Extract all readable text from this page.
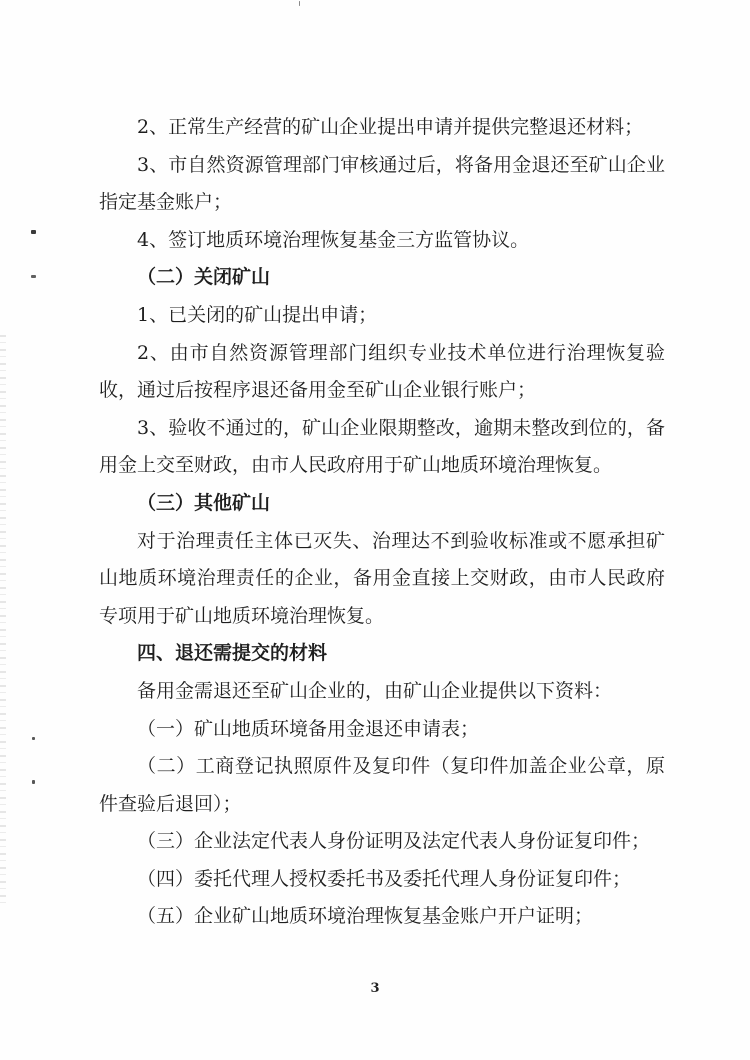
2、正常生产经营的矿山企业提出申请并提供完整退还材料；

3、市自然资源管理部门审核通过后，将备用金退还至矿山企业指定基金账户；

4、签订地质环境治理恢复基金三方监管协议。

（二）关闭矿山

1、已关闭的矿山提出申请；

2、由市自然资源管理部门组织专业技术单位进行治理恢复验收，通过后按程序退还备用金至矿山企业银行账户；

3、验收不通过的，矿山企业限期整改，逾期未整改到位的，备用金上交至财政，由市人民政府用于矿山地质环境治理恢复。

（三）其他矿山

对于治理责任主体已灭失、治理达不到验收标准或不愿承担矿山地质环境治理责任的企业，备用金直接上交财政，由市人民政府专项用于矿山地质环境治理恢复。

四、退还需提交的材料

备用金需退还至矿山企业的，由矿山企业提供以下资料：

（一）矿山地质环境备用金退还申请表；

（二）工商登记执照原件及复印件（复印件加盖企业公章，原件查验后退回）；

（三）企业法定代表人身份证明及法定代表人身份证复印件；

（四）委托代理人授权委托书及委托代理人身份证复印件；

（五）企业矿山地质环境治理恢复基金账户开户证明；

3
